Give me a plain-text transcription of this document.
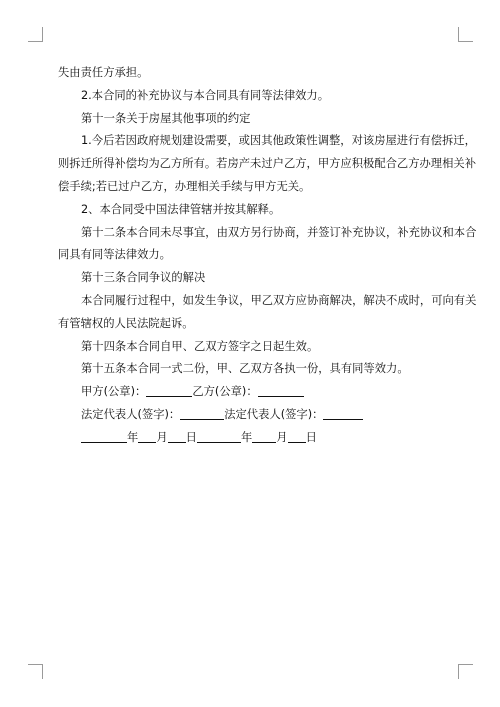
失由责任方承担。

2.本合同的补充协议与本合同具有同等法律效力。

第十一条关于房屋其他事项的约定

1.今后若因政府规划建设需要，或因其他政策性调整，对该房屋进行有偿拆迁，

则拆迁所得补偿均为乙方所有。若房产未过户乙方，甲方应积极配合乙方办理相关补

偿手续;若已过户乙方，办理相关手续与甲方无关。

2、本合同受中国法律管辖并按其解释。

第十二条本合同未尽事宜，由双方另行协商，并签订补充协议，补充协议和本合

同具有同等法律效力。

第十三条合同争议的解决

本合同履行过程中，如发生争议，甲乙双方应协商解决，解决不成时，可向有关

有管辖权的人民法院起诉。

第十四条本合同自甲、乙双方签字之日起生效。

第十五条本合同一式二份，甲、乙双方各执一份，具有同等效力。

甲方(公章)：	乙方(公章)：

法定代表人(签字)：	法定代表人(签字)：

年 月 日	年 月 日
